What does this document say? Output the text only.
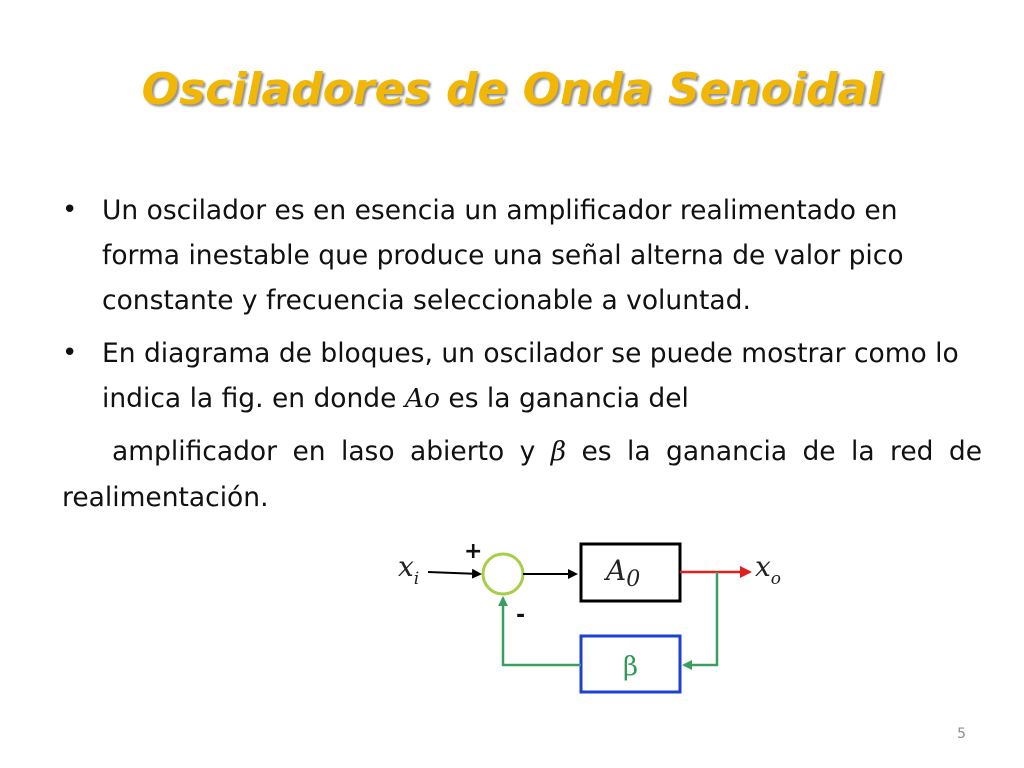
Osciladores de Onda Senoidal
• Un oscilador es en esencia un amplificador realimentado en forma inestable que produce una señal alterna de valor pico constante y frecuencia seleccionable a voluntad.
• En diagrama de bloques, un oscilador se puede mostrar como lo indica la fig. en donde Ao es la ganancia del

amplificador en laso abierto y β es la ganancia de la red de realimentación.

$x_i$
+
$A_0$	$x_o$
β
-
5
